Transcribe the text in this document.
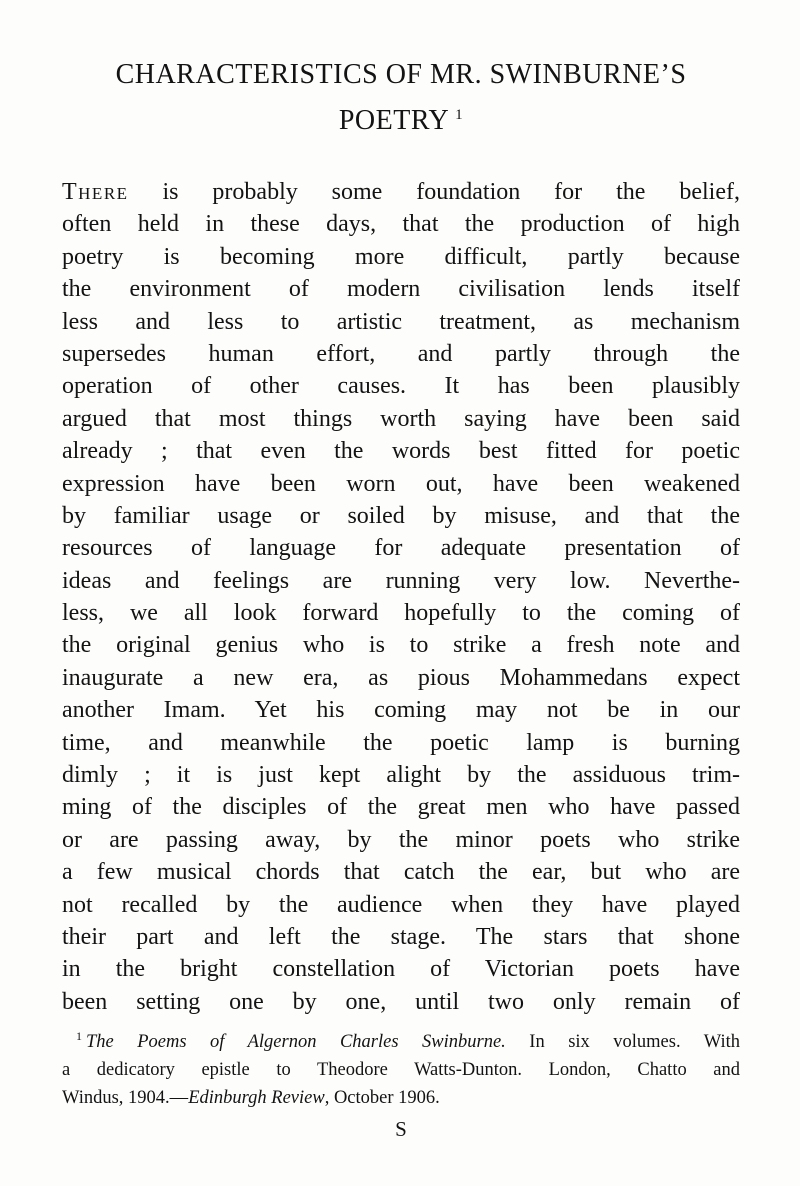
CHARACTERISTICS OF MR. SWINBURNE’S
POETRY $^1$
There is probably some foundation for the belief,
often held in these days, that the production of high
poetry is becoming more difficult, partly because
the environment of modern civilisation lends itself
less and less to artistic treatment, as mechanism
supersedes human effort, and partly through the
operation of other causes. It has been plausibly
argued that most things worth saying have been said
already ; that even the words best fitted for poetic
expression have been worn out, have been weakened
by familiar usage or soiled by misuse, and that the
resources of language for adequate presentation of
ideas and feelings are running very low. Neverthe-
less, we all look forward hopefully to the coming of
the original genius who is to strike a fresh note and
inaugurate a new era, as pious Mohammedans expect
another Imam. Yet his coming may not be in our
time, and meanwhile the poetic lamp is burning
dimly ; it is just kept alight by the assiduous trim-
ming of the disciples of the great men who have passed
or are passing away, by the minor poets who strike
a few musical chords that catch the ear, but who are
not recalled by the audience when they have played
their part and left the stage. The stars that shone
in the bright constellation of Victorian poets have
been setting one by one, until two only remain of
$^1$ The Poems of Algernon Charles Swinburne. In six volumes. With
a dedicatory epistle to Theodore Watts-Dunton. London, Chatto and
Windus, 1904.—Edinburgh Review, October 1906.
S
